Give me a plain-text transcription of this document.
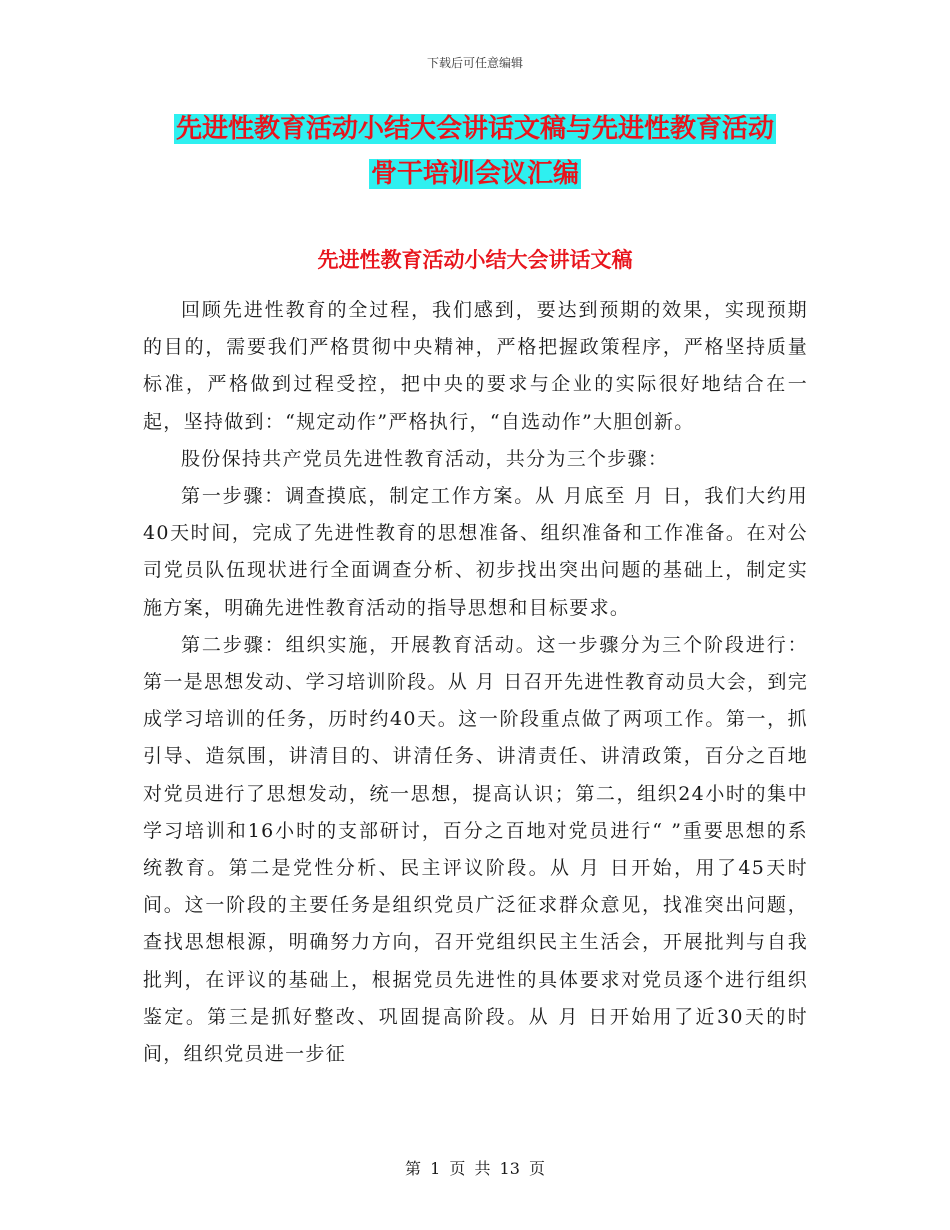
下载后可任意编辑
先进性教育活动小结大会讲话文稿与先进性教育活动
骨干培训会议汇编
先进性教育活动小结大会讲话文稿

回顾先进性教育的全过程，我们感到，要达到预期的效果，实现预期的目的，需要我们严格贯彻中央精神，严格把握政策程序，严格坚持质量标准，严格做到过程受控，把中央的要求与企业的实际很好地结合在一起，坚持做到：“规定动作”严格执行，“自选动作”大胆创新。

股份保持共产党员先进性教育活动，共分为三个步骤：

第一步骤：调查摸底，制定工作方案。从 月底至 月 日，我们大约用40天时间，完成了先进性教育的思想准备、组织准备和工作准备。在对公司党员队伍现状进行全面调查分析、初步找出突出问题的基础上，制定实施方案，明确先进性教育活动的指导思想和目标要求。

第二步骤：组织实施，开展教育活动。这一步骤分为三个阶段进行：第一是思想发动、学习培训阶段。从 月 日召开先进性教育动员大会，到完成学习培训的任务，历时约40天。这一阶段重点做了两项工作。第一，抓引导、造氛围，讲清目的、讲清任务、讲清责任、讲清政策，百分之百地对党员进行了思想发动，统一思想，提高认识；第二，组织24小时的集中学习培训和16小时的支部研讨，百分之百地对党员进行“ ”重要思想的系统教育。第二是党性分析、民主评议阶段。从 月 日开始，用了45天时间。这一阶段的主要任务是组织党员广泛征求群众意见，找准突出问题，查找思想根源，明确努力方向，召开党组织民主生活会，开展批判与自我批判，在评议的基础上，根据党员先进性的具体要求对党员逐个进行组织鉴定。第三是抓好整改、巩固提高阶段。从 月 日开始用了近30天的时间，组织党员进一步征

第 1 页 共 13 页
